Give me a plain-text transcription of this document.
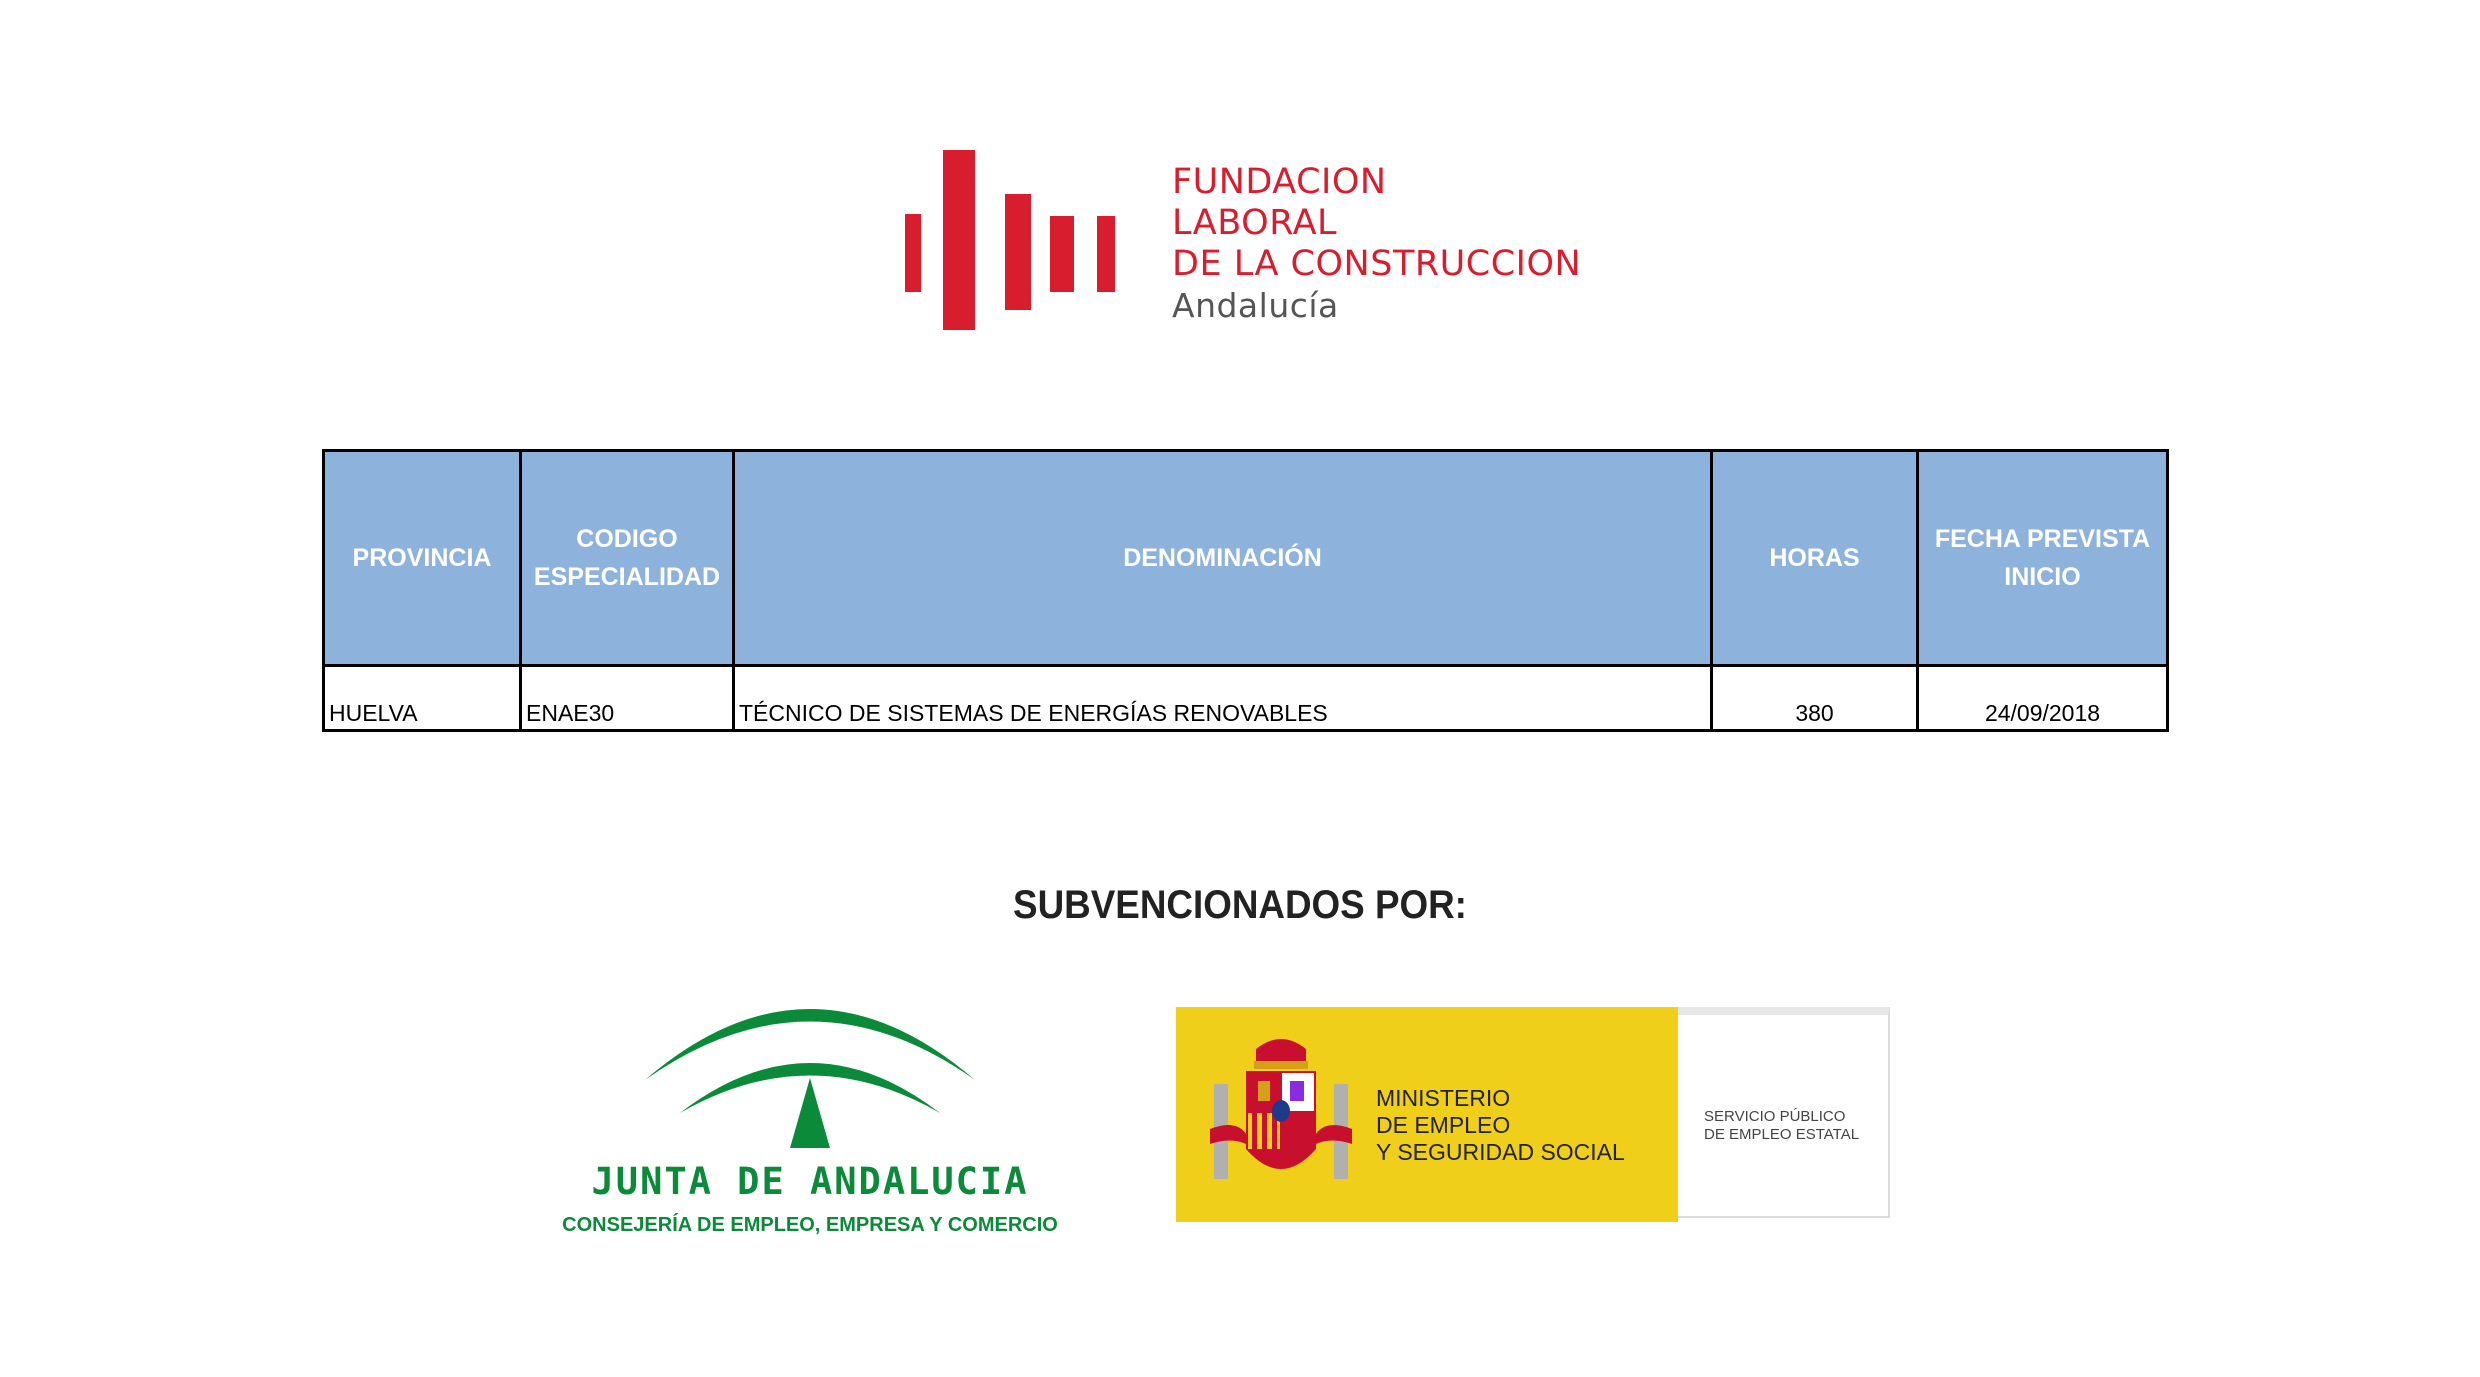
FUNDACION
LABORAL
DE LA CONSTRUCCION
Andalucía
PROVINCIA	CODIGO ESPECIALIDAD	DENOMINACIÓN	HORAS	FECHA PREVISTA INICIO
HUELVA	ENAE30	TÉCNICO DE SISTEMAS DE ENERGÍAS RENOVABLES	380	24/09/2018
SUBVENCIONADOS POR:
JUNTA DE ANDALUCIA
CONSEJERÍA DE EMPLEO, EMPRESA Y COMERCIO
MINISTERIO
DE EMPLEO
Y SEGURIDAD SOCIAL
SERVICIO PÚBLICO
DE EMPLEO ESTATAL
